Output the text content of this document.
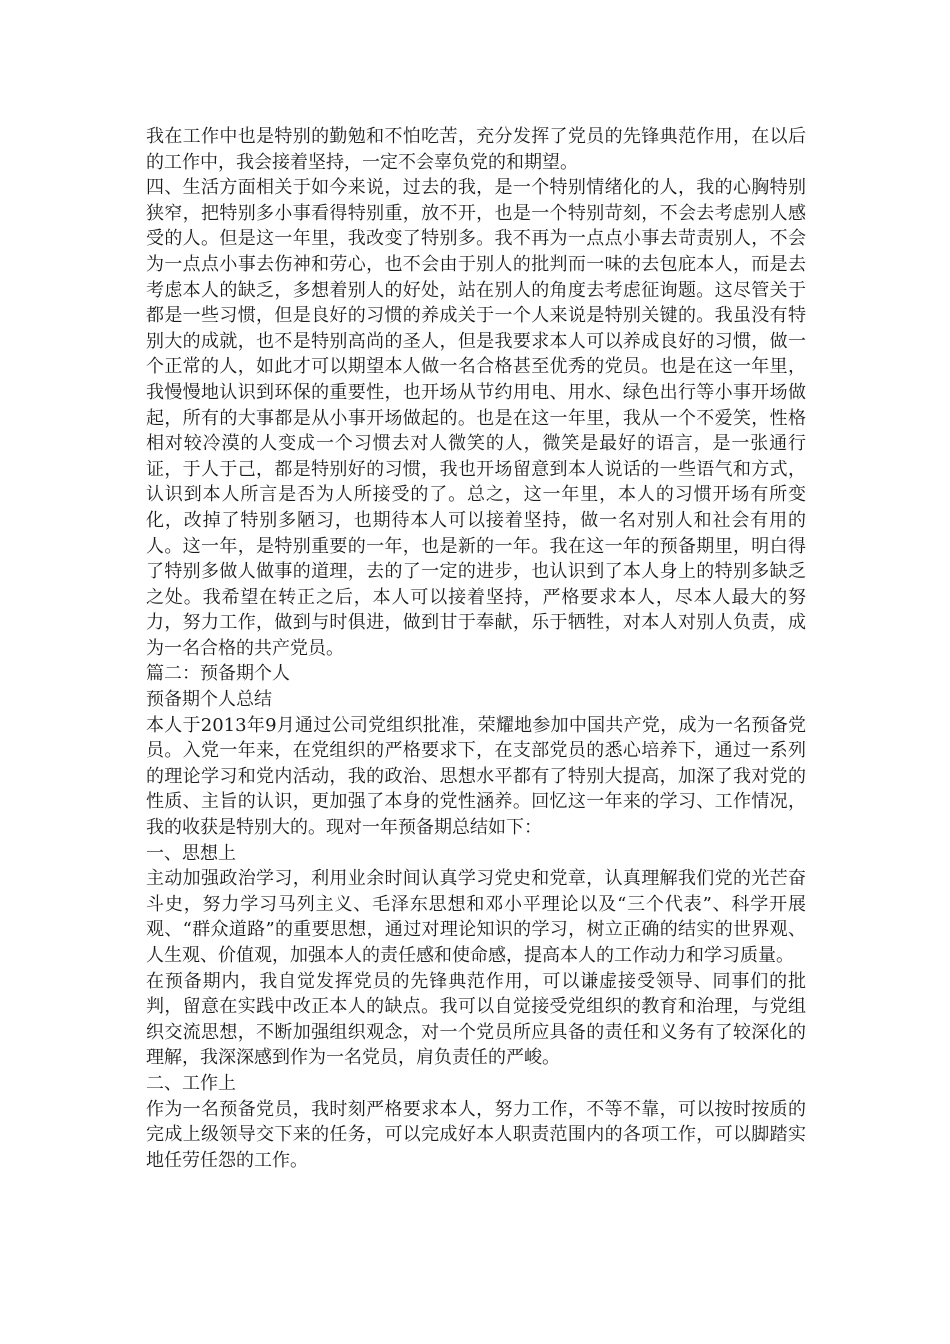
我在工作中也是特别的勤勉和不怕吃苦，充分发挥了党员的先锋典范作用，在以后的工作中，我会接着坚持，一定不会辜负党的和期望。

四、生活方面相关于如今来说，过去的我，是一个特别情绪化的人，我的心胸特别狭窄，把特别多小事看得特别重，放不开，也是一个特别苛刻，不会去考虑别人感受的人。但是这一年里，我改变了特别多。我不再为一点点小事去苛责别人，不会为一点点小事去伤神和劳心，也不会由于别人的批判而一味的去包庇本人，而是去考虑本人的缺乏，多想着别人的好处，站在别人的角度去考虑征询题。这尽管关于都是一些习惯，但是良好的习惯的养成关于一个人来说是特别关键的。我虽没有特别大的成就，也不是特别高尚的圣人，但是我要求本人可以养成良好的习惯，做一个正常的人，如此才可以期望本人做一名合格甚至优秀的党员。也是在这一年里，我慢慢地认识到环保的重要性，也开场从节约用电、用水、绿色出行等小事开场做起，所有的大事都是从小事开场做起的。也是在这一年里，我从一个不爱笑，性格相对较冷漠的人变成一个习惯去对人微笑的人，微笑是最好的语言，是一张通行证，于人于己，都是特别好的习惯，我也开场留意到本人说话的一些语气和方式，认识到本人所言是否为人所接受的了。总之，这一年里，本人的习惯开场有所变化，改掉了特别多陋习，也期待本人可以接着坚持，做一名对别人和社会有用的人。这一年，是特别重要的一年，也是新的一年。我在这一年的预备期里，明白得了特别多做人做事的道理，去的了一定的进步，也认识到了本人身上的特别多缺乏之处。我希望在转正之后，本人可以接着坚持，严格要求本人，尽本人最大的努力，努力工作，做到与时俱进，做到甘于奉献，乐于牺牲，对本人对别人负责，成为一名合格的共产党员。

篇二：预备期个人

预备期个人总结

本人于2013年9月通过公司党组织批准，荣耀地参加中国共产党，成为一名预备党员。入党一年来，在党组织的严格要求下，在支部党员的悉心培养下，通过一系列的理论学习和党内活动，我的政治、思想水平都有了特别大提高，加深了我对党的性质、主旨的认识，更加强了本身的党性涵养。回忆这一年来的学习、工作情况，我的收获是特别大的。现对一年预备期总结如下：

一、思想上

主动加强政治学习，利用业余时间认真学习党史和党章，认真理解我们党的光芒奋斗史，努力学习马列主义、毛泽东思想和邓小平理论以及“三个代表”、科学开展观、“群众道路”的重要思想，通过对理论知识的学习，树立正确的结实的世界观、人生观、价值观，加强本人的责任感和使命感，提高本人的工作动力和学习质量。

在预备期内，我自觉发挥党员的先锋典范作用，可以谦虚接受领导、同事们的批判，留意在实践中改正本人的缺点。我可以自觉接受党组织的教育和治理，与党组织交流思想，不断加强组织观念，对一个党员所应具备的责任和义务有了较深化的理解，我深深感到作为一名党员，肩负责任的严峻。

二、工作上

作为一名预备党员，我时刻严格要求本人，努力工作，不等不靠，可以按时按质的完成上级领导交下来的任务，可以完成好本人职责范围内的各项工作，可以脚踏实地任劳任怨的工作。
